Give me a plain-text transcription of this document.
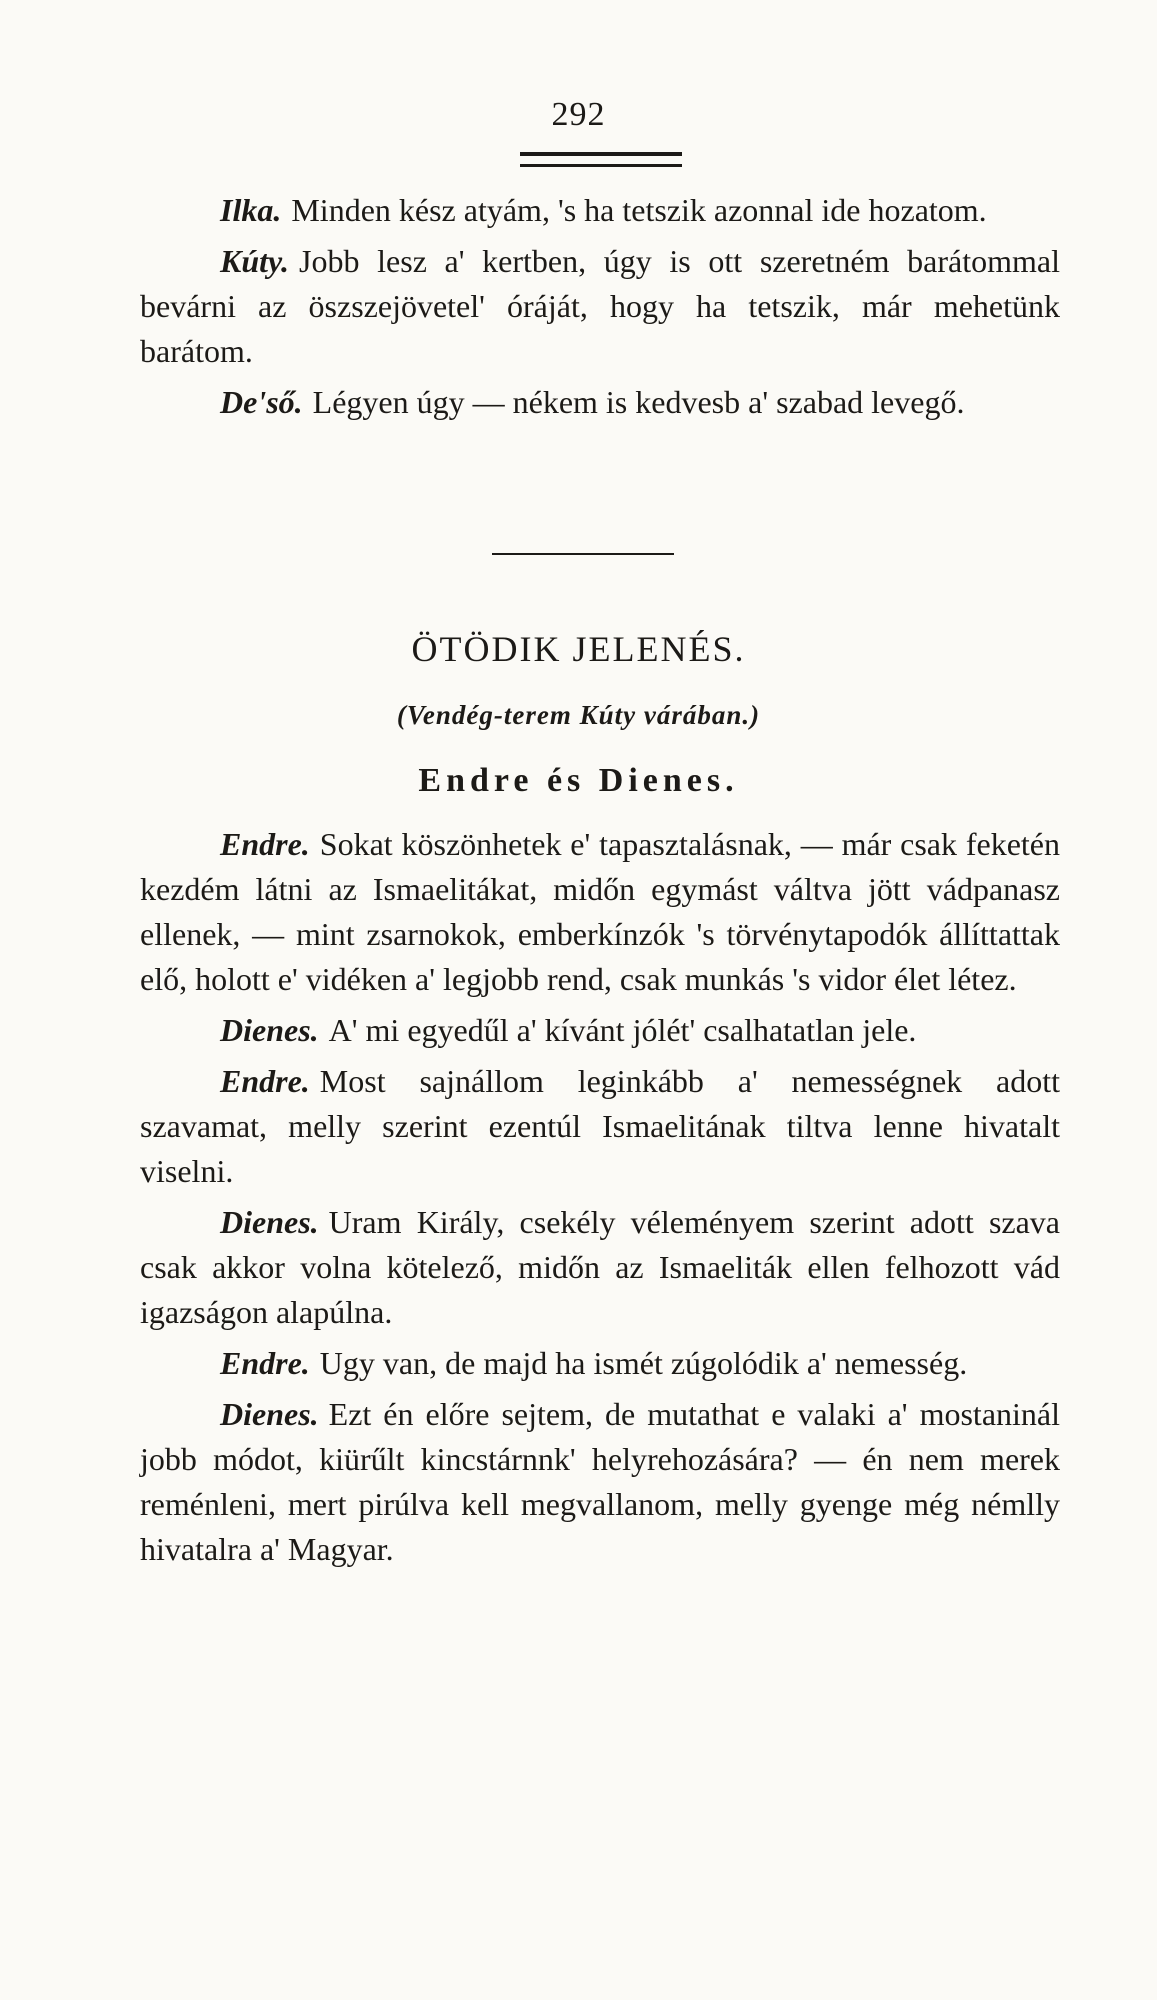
292

Ilka. Minden kész atyám, 's ha tetszik azonnal ide hozatom.

Kúty. Jobb lesz a' kertben, úgy is ott szeretném barátommal bevárni az öszszejövetel' óráját, hogy ha tetszik, már mehetünk barátom.

De'ső. Légyen úgy — nékem is kedvesb a' szabad levegő.

ÖTÖDIK JELENÉS.
(Vendég-terem Kúty várában.)
Endre és Dienes.

Endre. Sokat köszönhetek e' tapasztalásnak, — már csak feketén kezdém látni az Ismaelitákat, midőn egymást váltva jött vádpanasz ellenek, — mint zsarnokok, emberkínzók 's törvénytapodók állíttattak elő, holott e' vidéken a' legjobb rend, csak munkás 's vidor élet létez.

Dienes. A' mi egyedűl a' kívánt jólét' csalhatatlan jele.

Endre. Most sajnállom leginkább a' nemességnek adott szavamat, melly szerint ezentúl Ismaelitának tiltva lenne hivatalt viselni.

Dienes. Uram Király, csekély véleményem szerint adott szava csak akkor volna kötelező, midőn az Ismaeliták ellen felhozott vád igazságon alapúlna.

Endre. Ugy van, de majd ha ismét zúgolódik a' nemesség.

Dienes. Ezt én előre sejtem, de mutathat e valaki a' mostaninál jobb módot, kiürűlt kincstárnnk' helyrehozására? — én nem merek reménleni, mert pirúlva kell megvallanom, melly gyenge még némlly hivatalra a' Magyar.
